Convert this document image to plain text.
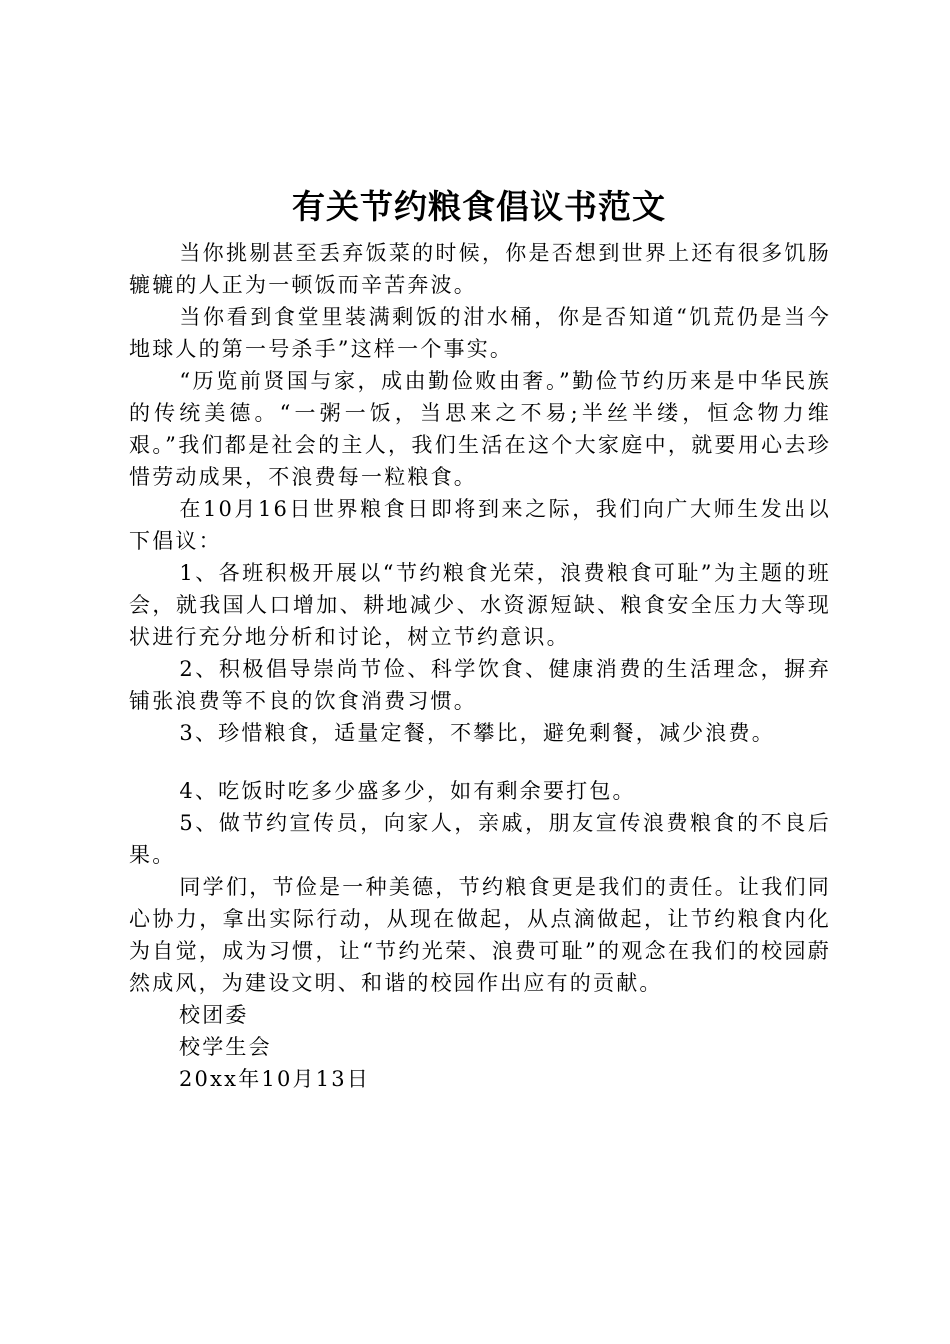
有关节约粮食倡议书范文

当你挑剔甚至丢弃饭菜的时候，你是否想到世界上还有很多饥肠辘辘的人正为一顿饭而辛苦奔波。

当你看到食堂里装满剩饭的泔水桶，你是否知道“饥荒仍是当今地球人的第一号杀手”这样一个事实。

“历览前贤国与家，成由勤俭败由奢。”勤俭节约历来是中华民族的传统美德。“一粥一饭，当思来之不易;半丝半缕，恒念物力维艰。”我们都是社会的主人，我们生活在这个大家庭中，就要用心去珍惜劳动成果，不浪费每一粒粮食。

在10月16日世界粮食日即将到来之际，我们向广大师生发出以下倡议：

1、各班积极开展以“节约粮食光荣，浪费粮食可耻”为主题的班会，就我国人口增加、耕地减少、水资源短缺、粮食安全压力大等现状进行充分地分析和讨论，树立节约意识。

2、积极倡导崇尚节俭、科学饮食、健康消费的生活理念，摒弃铺张浪费等不良的饮食消费习惯。

3、珍惜粮食，适量定餐，不攀比，避免剩餐，减少浪费。

4、吃饭时吃多少盛多少，如有剩余要打包。

5、做节约宣传员，向家人，亲戚，朋友宣传浪费粮食的不良后果。

同学们，节俭是一种美德，节约粮食更是我们的责任。让我们同心协力，拿出实际行动，从现在做起，从点滴做起，让节约粮食内化为自觉，成为习惯，让“节约光荣、浪费可耻”的观念在我们的校园蔚然成风，为建设文明、和谐的校园作出应有的贡献。

校团委

校学生会

20xx年10月13日
